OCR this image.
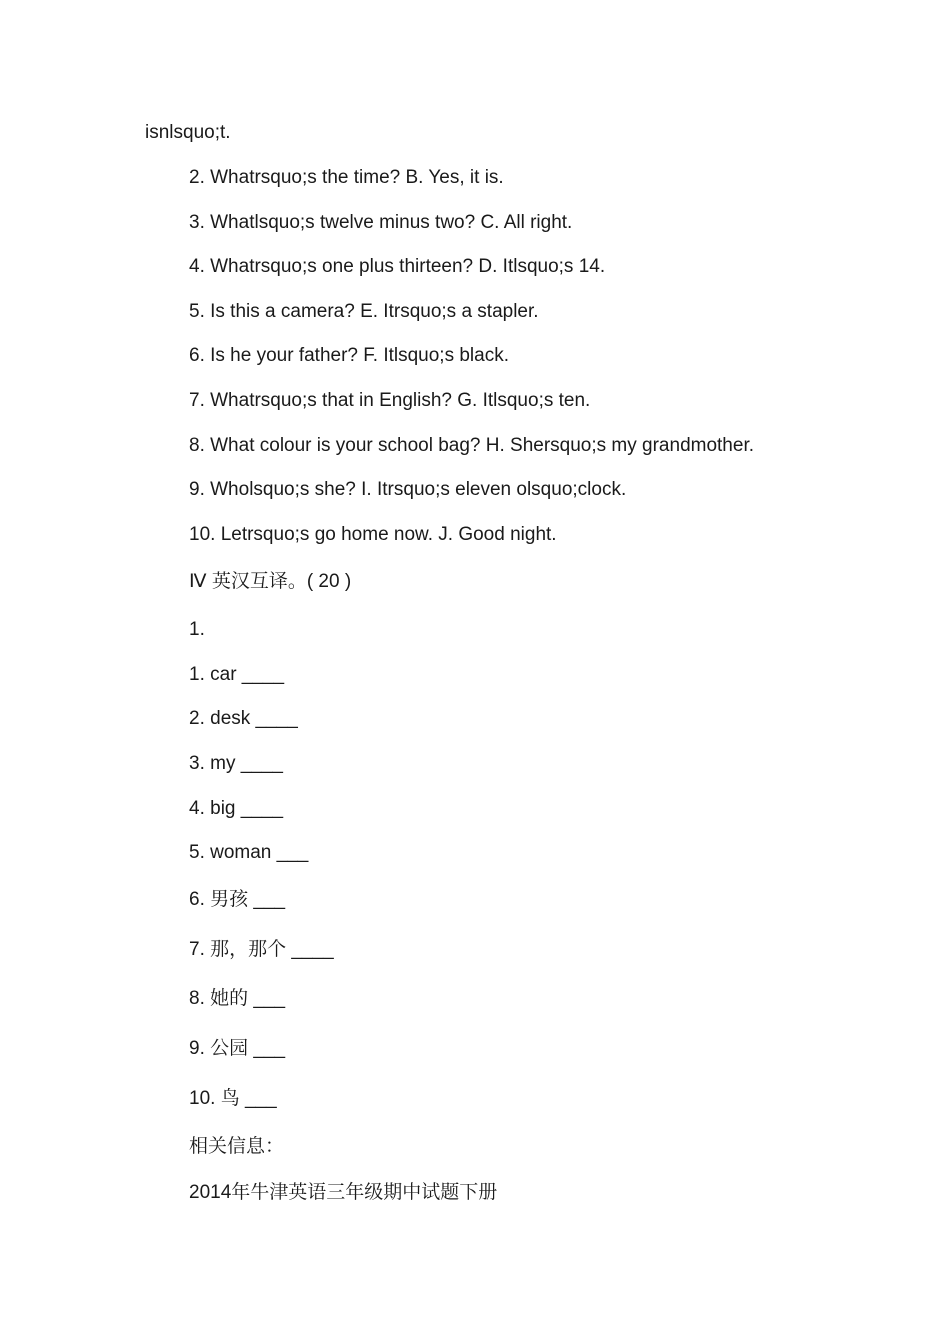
isnlsquo;t.
2. Whatrsquo;s the time? B. Yes, it is.
3. Whatlsquo;s twelve minus two? C. All right.
4. Whatrsquo;s one plus thirteen? D. Itlsquo;s 14.
5. Is this a camera? E. Itrsquo;s a stapler.
6. Is he your father? F. Itlsquo;s black.
7. Whatrsquo;s that in English? G. Itlsquo;s ten.
8. What colour is your school bag? H. Shersquo;s my grandmother.
9. Wholsquo;s she? I. Itrsquo;s eleven olsquo;clock.
10. Letrsquo;s go home now. J. Good night.
Ⅳ 英汉互译。( 20 )
1.
1. car ____
2. desk ____
3. my ____
4. big ____
5. woman ___
6. 男孩 ___
7. 那，那个 ____
8. 她的 ___
9. 公园 ___
10. 鸟 ___
相关信息：
2014年牛津英语三年级期中试题下册
